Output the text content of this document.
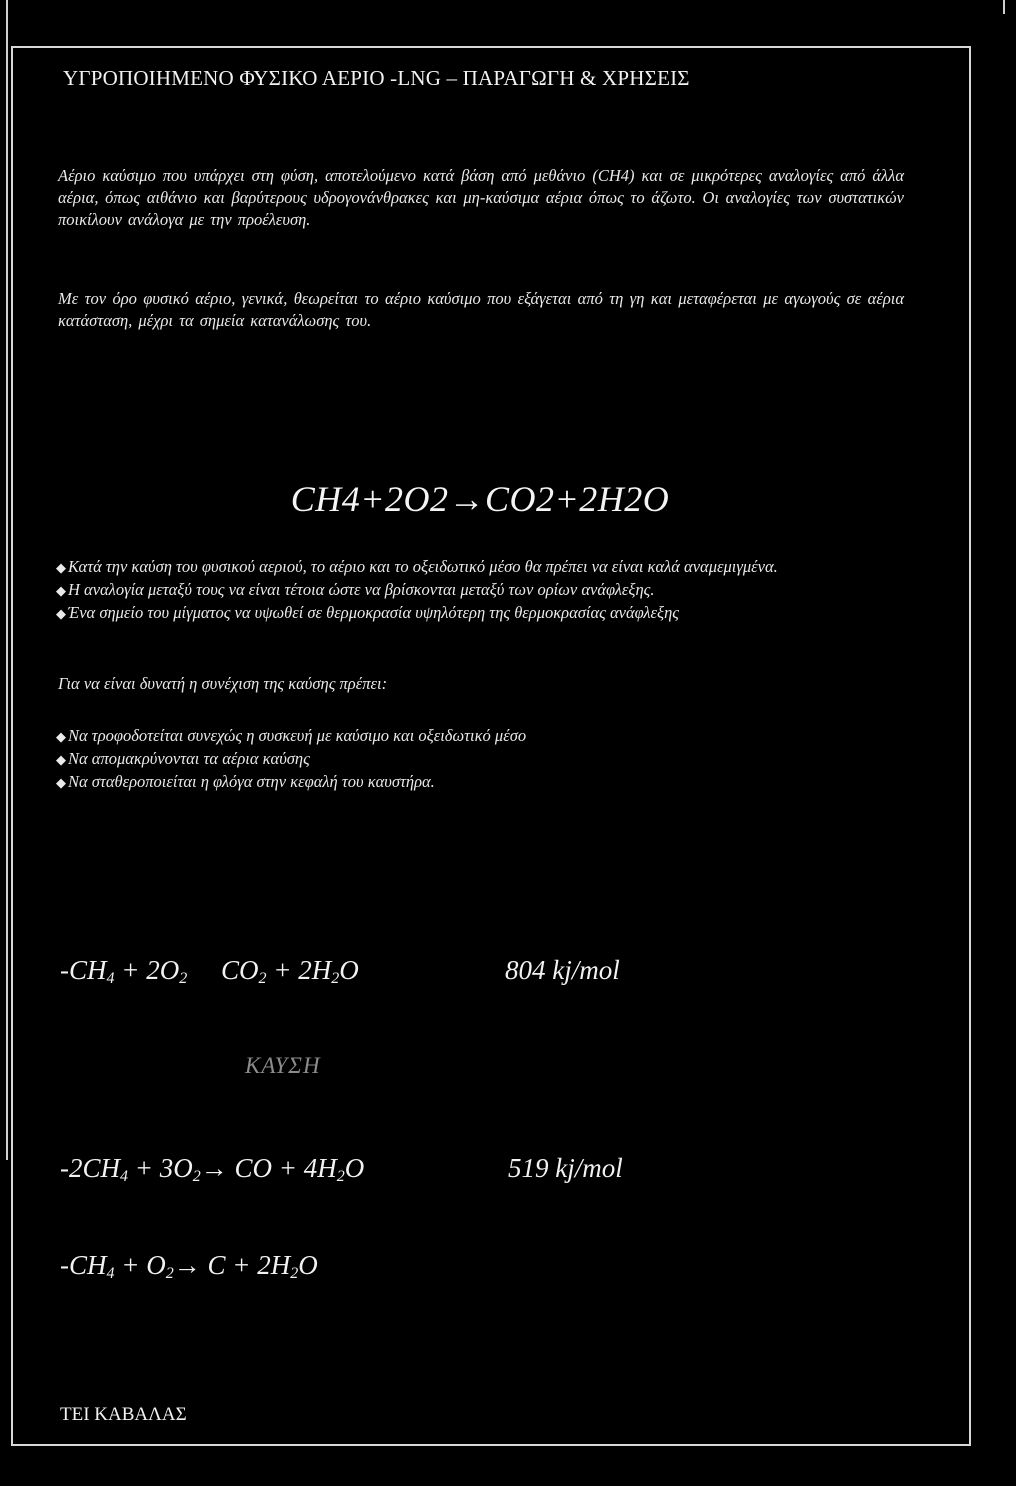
ΥΓΡΟΠΟΙΗΜΕΝΟ ΦΥΣΙΚΟ ΑΕΡΙΟ -LNG – ΠΑΡΑΓΩΓΗ & ΧΡΗΣΕΙΣ
Αέριο καύσιμο που υπάρχει στη φύση, αποτελούμενο κατά βάση από μεθάνιο (CH4) και σε μικρότερες αναλογίες από άλλα αέρια, όπως αιθάνιο και βαρύτερους υδρογονάνθρακες και μη-καύσιμα αέρια όπως το άζωτο. Οι αναλογίες των συστατικών ποικίλουν ανάλογα με την προέλευση.
Με τον όρο φυσικό αέριο, γενικά, θεωρείται το αέριο καύσιμο που εξάγεται από τη γη και μεταφέρεται με αγωγούς σε αέρια κατάσταση, μέχρι τα σημεία κατανάλωσης του.
CH4+2O2→CO2+2H2O
◆ Κατά την καύση του φυσικού αεριού, το αέριο και το οξειδωτικό μέσο θα πρέπει να είναι καλά αναμεμιγμένα.
◆ Η αναλογία μεταξύ τους να είναι τέτοια ώστε να βρίσκονται μεταξύ των ορίων ανάφλεξης.
◆ Ένα σημείο του μίγματος να υψωθεί σε θερμοκρασία υψηλότερη της θερμοκρασίας ανάφλεξης
Για να είναι δυνατή η συνέχιση της καύσης πρέπει:
◆ Να τροφοδοτείται συνεχώς η συσκευή με καύσιμο και οξειδωτικό μέσο
◆ Να απομακρύνονται τα αέρια καύσης
◆ Να σταθεροποιείται η φλόγα στην κεφαλή του καυστήρα.
$-CH_4 + 2O_2$     $CO_2 + 2H_2O$	804 kj/mol
ΚΑΥΣΗ
$-2CH_4 + 3O_2\to$ CO + $4H_2O$	519 kj/mol
$-CH_4 + O_2\to C + 2H_2O$
ΤΕΙ ΚΑΒΑΛΑΣ
